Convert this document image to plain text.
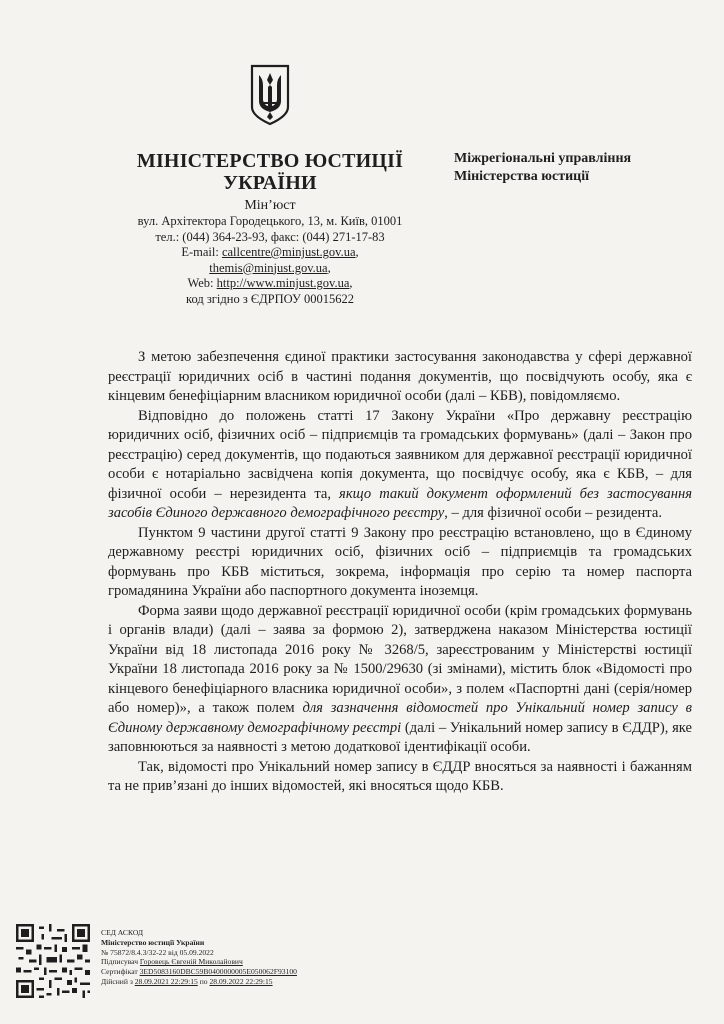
МІНІСТЕРСТВО ЮСТИЦІЇ
УКРАЇНИ
Мін’юст
вул. Архітектора Городецького, 13, м. Київ, 01001
тел.: (044) 364-23-93, факс: (044) 271-17-83
E-mail: callcentre@minjust.gov.ua,
themis@minjust.gov.ua,
Web: http://www.minjust.gov.ua,
код згідно з ЄДРПОУ 00015622
Міжрегіональні управління
Міністерства юстиції

З метою забезпечення єдиної практики застосування законодавства у сфері державної реєстрації юридичних осіб в частині подання документів, що посвідчують особу, яка є кінцевим бенефіціарним власником юридичної особи (далі – КБВ), повідомляємо.

Відповідно до положень статті 17 Закону України «Про державну реєстрацію юридичних осіб, фізичних осіб – підприємців та громадських формувань» (далі – Закон про реєстрацію) серед документів, що подаються заявником для державної реєстрації юридичної особи є нотаріально засвідчена копія документа, що посвідчує особу, яка є КБВ, – для фізичної особи – нерезидента та, якщо такий документ оформлений без застосування засобів Єдиного державного демографічного реєстру, – для фізичної особи – резидента.

Пунктом 9 частини другої статті 9 Закону про реєстрацію встановлено, що в Єдиному державному реєстрі юридичних осіб, фізичних осіб – підприємців та громадських формувань про КБВ міститься, зокрема, інформація про серію та номер паспорта громадянина України або паспортного документа іноземця.

Форма заяви щодо державної реєстрації юридичної особи (крім громадських формувань і органів влади) (далі – заява за формою 2), затверджена наказом Міністерства юстиції України від 18 листопада 2016 року № 3268/5, зареєстрованим у Міністерстві юстиції України 18 листопада 2016 року за № 1500/29630 (зі змінами), містить блок «Відомості про кінцевого бенефіціарного власника юридичної особи», з полем «Паспортні дані (серія/номер або номер)», а також полем для зазначення відомостей про Унікальний номер запису в Єдиному державному демографічному реєстрі (далі – Унікальний номер запису в ЄДДР), яке заповнюються за наявності з метою додаткової ідентифікації особи.

Так, відомості про Унікальний номер запису в ЄДДР вносяться за наявності і бажанням та не прив’язані до інших відомостей, які вносяться щодо КБВ.

СЕД АСКОД
Міністерство юстиції України
№ 75872/8.4.3/32-22 від 05.09.2022
Підписувач Горовець Євгеній Миколайович
Сертифікат 3ED5083160DBC59B0400000005E050062F93100
Дійсний з 28.09.2021 22:29:15 по 28.09.2022 22:29:15
